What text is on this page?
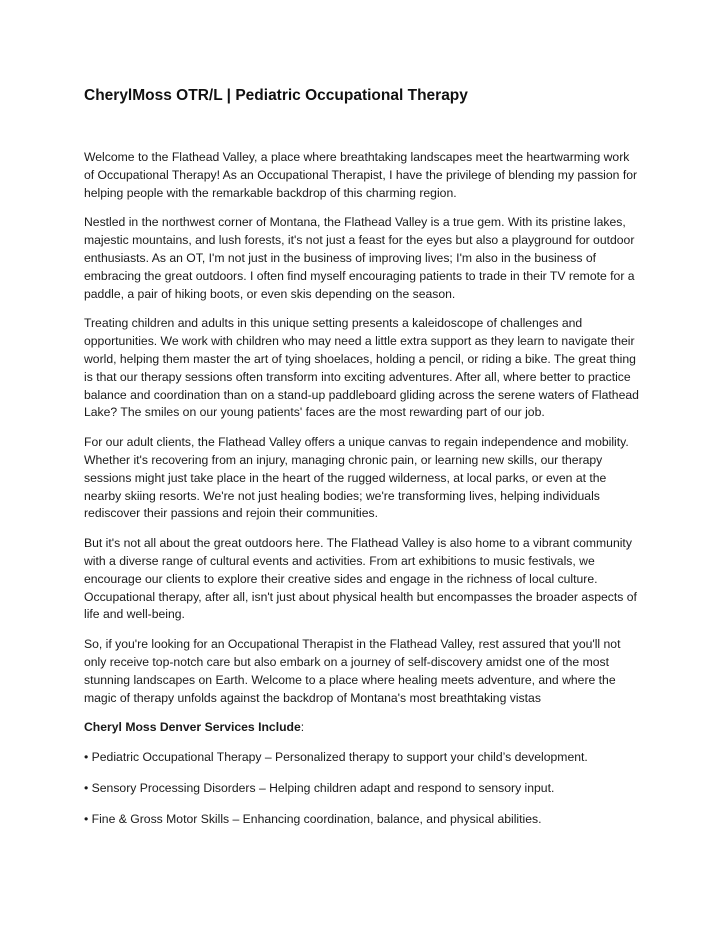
CherylMoss OTR/L | Pediatric Occupational Therapy

Welcome to the Flathead Valley, a place where breathtaking landscapes meet the heartwarming work of Occupational Therapy! As an Occupational Therapist, I have the privilege of blending my passion for helping people with the remarkable backdrop of this charming region.

Nestled in the northwest corner of Montana, the Flathead Valley is a true gem. With its pristine lakes, majestic mountains, and lush forests, it's not just a feast for the eyes but also a playground for outdoor enthusiasts. As an OT, I'm not just in the business of improving lives; I'm also in the business of embracing the great outdoors. I often find myself encouraging patients to trade in their TV remote for a paddle, a pair of hiking boots, or even skis depending on the season.

Treating children and adults in this unique setting presents a kaleidoscope of challenges and opportunities. We work with children who may need a little extra support as they learn to navigate their world, helping them master the art of tying shoelaces, holding a pencil, or riding a bike. The great thing is that our therapy sessions often transform into exciting adventures. After all, where better to practice balance and coordination than on a stand-up paddleboard gliding across the serene waters of Flathead Lake? The smiles on our young patients' faces are the most rewarding part of our job.

For our adult clients, the Flathead Valley offers a unique canvas to regain independence and mobility. Whether it's recovering from an injury, managing chronic pain, or learning new skills, our therapy sessions might just take place in the heart of the rugged wilderness, at local parks, or even at the nearby skiing resorts. We're not just healing bodies; we're transforming lives, helping individuals rediscover their passions and rejoin their communities.

But it's not all about the great outdoors here. The Flathead Valley is also home to a vibrant community with a diverse range of cultural events and activities. From art exhibitions to music festivals, we encourage our clients to explore their creative sides and engage in the richness of local culture. Occupational therapy, after all, isn't just about physical health but encompasses the broader aspects of life and well-being.

So, if you're looking for an Occupational Therapist in the Flathead Valley, rest assured that you'll not only receive top-notch care but also embark on a journey of self-discovery amidst one of the most stunning landscapes on Earth. Welcome to a place where healing meets adventure, and where the magic of therapy unfolds against the backdrop of Montana's most breathtaking vistas

Cheryl Moss Denver Services Include:

• Pediatric Occupational Therapy – Personalized therapy to support your child’s development.

• Sensory Processing Disorders – Helping children adapt and respond to sensory input.

• Fine & Gross Motor Skills – Enhancing coordination, balance, and physical abilities.
